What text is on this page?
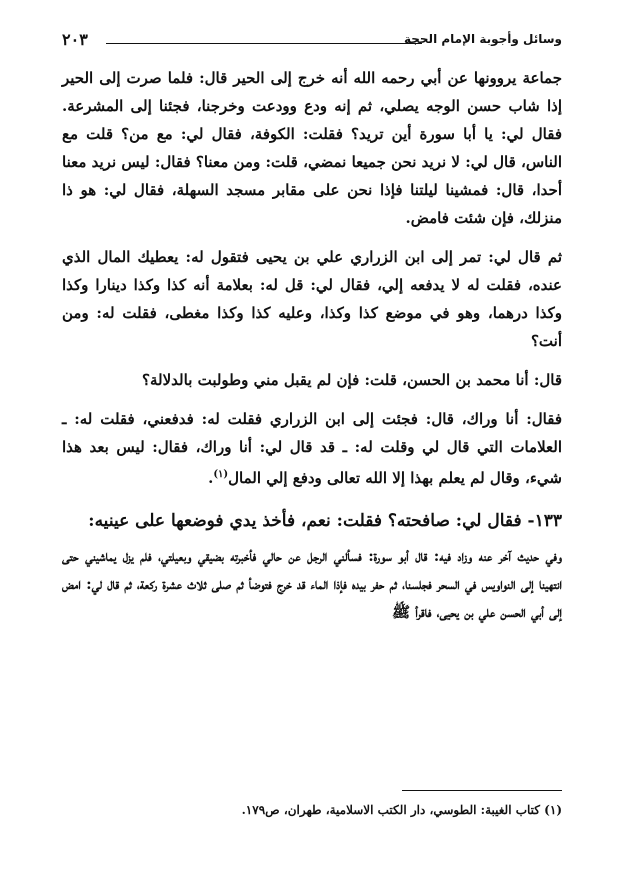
وسائل وأجوبة الإمام الحجة
٢٠٣

جماعة يروونها عن أبي رحمه الله أنه خرج إلى الحير قال: فلما صرت إلى الحير إذا شاب حسن الوجه يصلي، ثم إنه ودع وودعت وخرجنا، فجئنا إلى المشرعة. فقال لي: يا أبا سورة أين تريد؟ فقلت: الكوفة، فقال لي: مع من؟ قلت مع الناس، قال لي: لا نريد نحن جميعا نمضي، قلت: ومن معنا؟ فقال: ليس نريد معنا أحدا، قال: فمشينا ليلتنا فإذا نحن على مقابر مسجد السهلة، فقال لي: هو ذا منزلك، فإن شئت فامض.

ثم قال لي: تمر إلى ابن الزراري علي بن يحيى فتقول له: يعطيك المال الذي عنده، فقلت له لا يدفعه إلي، فقال لي: قل له: بعلامة أنه كذا وكذا دينارا وكذا وكذا درهما، وهو في موضع كذا وكذا، وعليه كذا وكذا مغطى، فقلت له: ومن أنت؟

قال: أنا محمد بن الحسن، قلت: فإن لم يقبل مني وطولبت بالدلالة؟

فقال: أنا وراك، قال: فجئت إلى ابن الزراري فقلت له: فدفعني، فقلت له: ـ العلامات التي قال لي وقلت له: ـ قد قال لي: أنا وراك، فقال: ليس بعد هذا شيء، وقال لم يعلم بهذا إلا الله تعالى ودفع إلي المال$^{(١)}$.

١٣٣- فقال لي: صافحته؟ فقلت: نعم، فأخذ يدي فوضعها على عينيه:

وفي حديث آخر عنه وزاد فيه: قال أبو سورة: فسألني الرجل عن حالي فأخبرته بضيقي وبعيلتي، فلم يزل يماشيني حتى انتهينا إلى النواويس في السحر فجلسنا، ثم حفر بيده فإذا الماء قد خرج فتوضأ ثم صلى ثلاث عشرة ركعة، ثم قال لي: امض إلى أبي الحسن علي بن يحيى، فاقرأ ﷺ

(١) كتاب الغيبة: الطوسي، دار الكتب الاسلامية، طهران، ص١٧٩.
